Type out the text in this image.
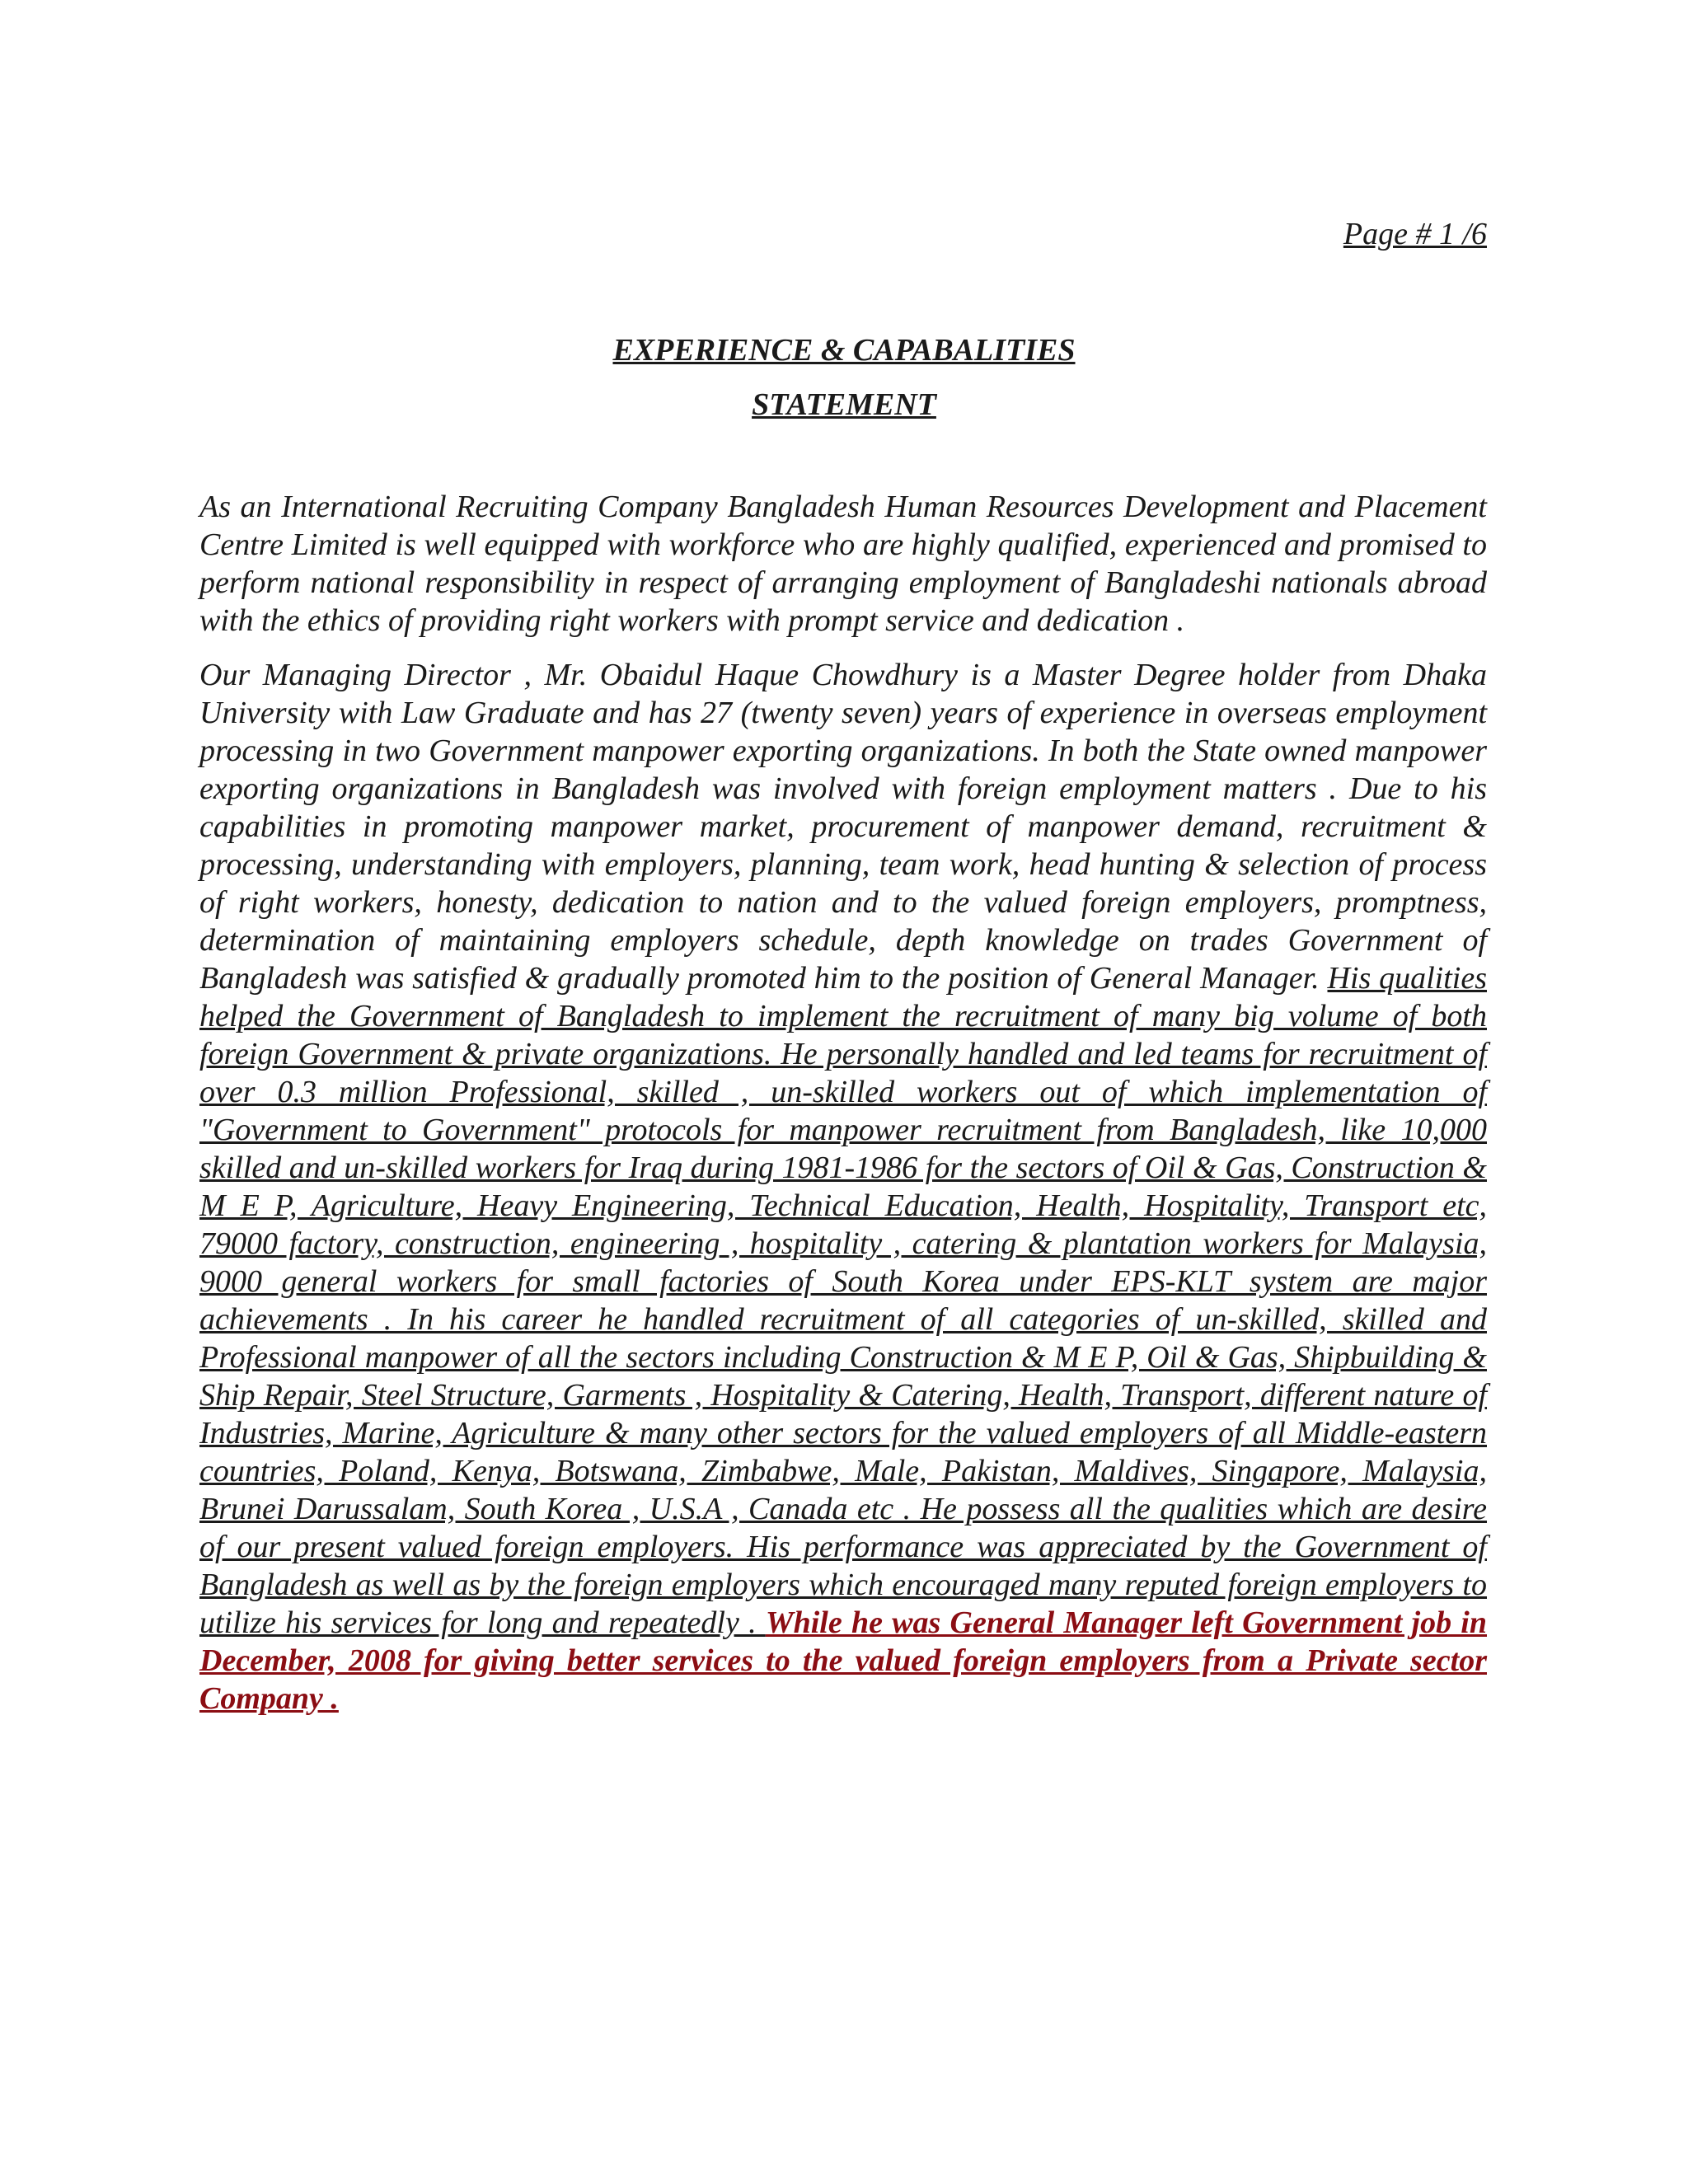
Page # 1 /6

EXPERIENCE & CAPABALITIES
STATEMENT

As an International Recruiting Company Bangladesh Human Resources Development and Placement Centre Limited is well equipped with workforce who are highly qualified, experienced and promised to perform national responsibility in respect of arranging employment of Bangladeshi nationals abroad with the ethics of providing right workers with prompt service and dedication .

Our Managing Director , Mr. Obaidul Haque Chowdhury is a Master Degree holder from Dhaka University with Law Graduate and has 27 (twenty seven) years of experience in overseas employment processing in two Government manpower exporting organizations. In both the State owned manpower exporting organizations in Bangladesh was involved with foreign employment matters . Due to his capabilities in promoting manpower market, procurement of manpower demand, recruitment & processing, understanding with employers, planning, team work, head hunting & selection of process of right workers, honesty, dedication to nation and to the valued foreign employers, promptness, determination of maintaining employers schedule, depth knowledge on trades Government of Bangladesh was satisfied & gradually promoted him to the position of General Manager. His qualities helped the Government of Bangladesh to implement the recruitment of many big volume of both foreign Government & private organizations. He personally handled and led teams for recruitment of over 0.3 million Professional, skilled , un-skilled workers out of which implementation of "Government to Government" protocols for manpower recruitment from Bangladesh, like 10,000 skilled and un-skilled workers for Iraq during 1981-1986 for the sectors of Oil & Gas, Construction & M E P, Agriculture, Heavy Engineering, Technical Education, Health, Hospitality, Transport etc, 79000 factory, construction, engineering , hospitality , catering & plantation workers for Malaysia, 9000 general workers for small factories of South Korea under EPS-KLT system are major achievements . In his career he handled recruitment of all categories of un-skilled, skilled and Professional manpower of all the sectors including Construction & M E P, Oil & Gas, Shipbuilding & Ship Repair, Steel Structure, Garments , Hospitality & Catering, Health, Transport, different nature of Industries, Marine, Agriculture & many other sectors for the valued employers of all Middle-eastern countries, Poland, Kenya, Botswana, Zimbabwe, Male, Pakistan, Maldives, Singapore, Malaysia, Brunei Darussalam, South Korea , U.S.A , Canada etc . He possess all the qualities which are desire of our present valued foreign employers. His performance was appreciated by the Government of Bangladesh as well as by the foreign employers which encouraged many reputed foreign employers to utilize his services for long and repeatedly . While he was General Manager left Government job in December, 2008 for giving better services to the valued foreign employers from a Private sector Company .
